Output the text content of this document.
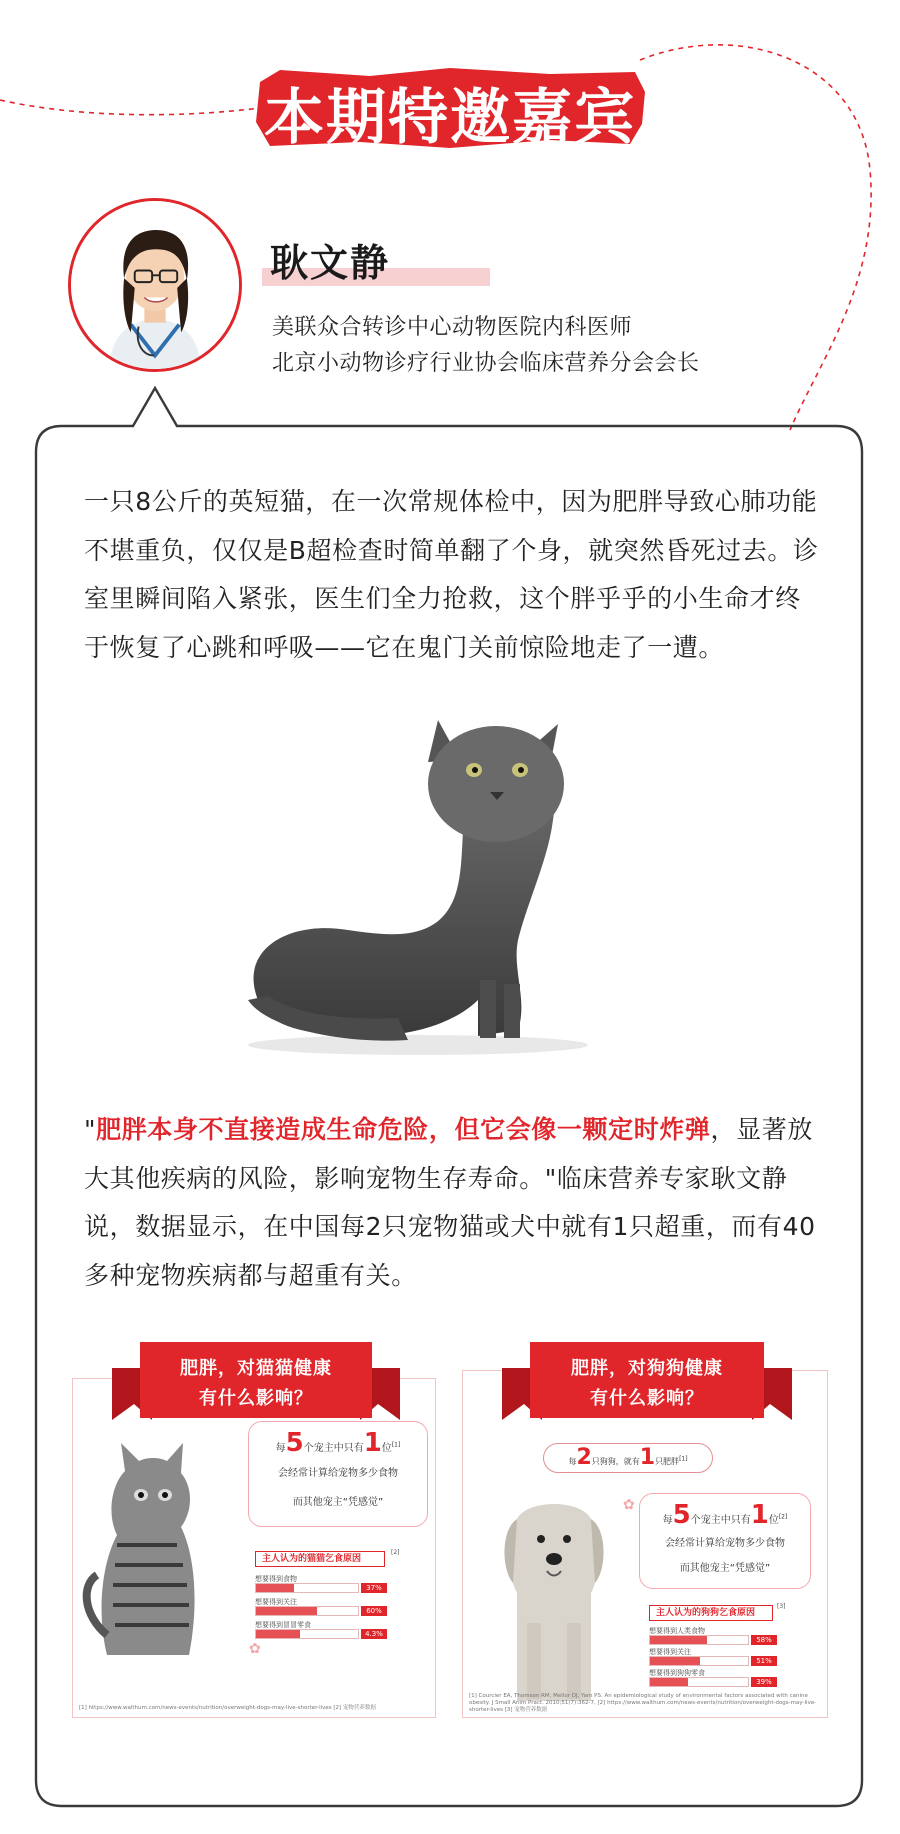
本期特邀嘉宾
耿文静
美联众合转诊中心动物医院内科医师
北京小动物诊疗行业协会临床营养分会会长
一只8公斤的英短猫，在一次常规体检中，因为肥胖导致心肺功能不堪重负，仅仅是B超检查时简单翻了个身，就突然昏死过去。诊室里瞬间陷入紧张，医生们全力抢救，这个胖乎乎的小生命才终于恢复了心跳和呼吸——它在鬼门关前惊险地走了一遭。
"肥胖本身不直接造成生命危险，但它会像一颗定时炸弹，显著放大其他疾病的风险，影响宠物生存寿命。"临床营养专家耿文静说，数据显示，在中国每2只宠物猫或犬中就有1只超重，而有40多种宠物疾病都与超重有关。
✿
每5个宠主中只有1位[1]
会经常计算给宠物多少食物
而其他宠主“凭感觉”
主人认为的猫猫乞食原因
[2]
想要得到食物
37%
想要得到关注
60%
想要得到冒冒零食
4.3%
[1] https://www.walthum.com/news-events/nutrition/overweight-dogs-may-live-shorter-lives [2] 宠物营养数据
肥胖，对猫猫健康
有什么影响？
每2只狗狗，就有1只肥胖[1]
✿
每5个宠主中只有1位[2]
会经常计算给宠物多少食物
而其他宠主“凭感觉”
主人认为的狗狗乞食原因
[3]
想要得到人类食物
58%
想要得到关注
51%
想要得到狗狗零食
39%
[1] Courcier EA, Thomson RM, Mellor DJ, Yam PS. An epidemiological study of environmental factors associated with canine obesity. J Small Anim Pract. 2010;51(7):362-7. [2] https://www.walthum.com/news-events/nutrition/overweight-dogs-may-live-shorter-lives [3] 宠物营养数据
肥胖，对狗狗健康
有什么影响？
